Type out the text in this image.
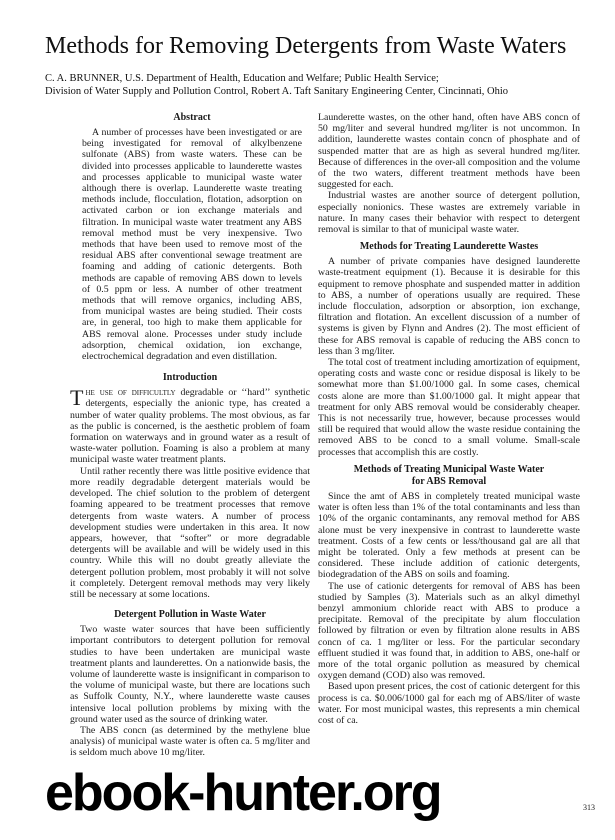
Methods for Removing Detergents from Waste Waters
C. A. BRUNNER, U.S. Department of Health, Education and Welfare; Public Health Service;
Division of Water Supply and Pollution Control, Robert A. Taft Sanitary Engineering Center, Cincinnati, Ohio
Abstract

A number of processes have been investigated or are being investigated for removal of alkylbenzene sulfonate (ABS) from waste waters. These can be divided into processes applicable to launderette wastes and processes applicable to municipal waste water although there is overlap. Launderette waste treating methods include, flocculation, flotation, adsorption on activated carbon or ion exchange materials and filtration. In municipal waste water treatment any ABS removal method must be very inexpensive. Two methods that have been used to remove most of the residual ABS after conventional sewage treatment are foaming and adding of cationic detergents. Both methods are capable of removing ABS down to levels of 0.5 ppm or less. A number of other treatment methods that will remove organics, including ABS, from municipal wastes are being studied. Their costs are, in general, too high to make them applicable for ABS removal alone. Processes under study include adsorption, chemical oxidation, ion exchange, electrochemical degradation and even distillation.

Introduction

The use of difficultly degradable or ‘‘hard’’ synthetic detergents, especially the anionic type, has created a number of water quality problems. The most obvious, as far as the public is concerned, is the aesthetic problem of foam formation on waterways and in ground water as a result of waste-water pollution. Foaming is also a problem at many municipal waste water treatment plants.

Until rather recently there was little positive evidence that more readily degradable detergent materials would be developed. The chief solution to the problem of detergent foaming appeared to be treatment processes that remove detergents from waste waters. A number of process development studies were undertaken in this area. It now appears, however, that “softer” or more degradable detergents will be available and will be widely used in this country. While this will no doubt greatly alleviate the detergent pollution problem, most probably it will not solve it completely. Detergent removal methods may very likely still be necessary at some locations.

Detergent Pollution in Waste Water

Two waste water sources that have been sufficiently important contributors to detergent pollution for removal studies to have been undertaken are municipal waste treatment plants and launderettes. On a nationwide basis, the volume of launderette waste is insignificant in comparison to the volume of municipal waste, but there are locations such as Suffolk County, N.Y., where launderette waste causes intensive local pollution problems by mixing with the ground water used as the source of drinking water.

The ABS concn (as determined by the methylene blue analysis) of municipal waste water is often ca. 5 mg/liter and is seldom much above 10 mg/liter.

Launderette wastes, on the other hand, often have ABS concn of 50 mg/liter and several hundred mg/liter is not uncommon. In addition, launderette wastes contain concn of phosphate and of suspended matter that are as high as several hundred mg/liter. Because of differences in the over-all composition and the volume of the two waters, different treatment methods have been suggested for each.

Industrial wastes are another source of detergent pollution, especially nonionics. These wastes are extremely variable in nature. In many cases their behavior with respect to detergent removal is similar to that of municipal waste water.

Methods for Treating Launderette Wastes

A number of private companies have designed launderette waste-treatment equipment (1). Because it is desirable for this equipment to remove phosphate and suspended matter in addition to ABS, a number of operations usually are required. These include flocculation, adsorption or absorption, ion exchange, filtration and flotation. An excellent discussion of a number of systems is given by Flynn and Andres (2). The most efficient of these for ABS removal is capable of reducing the ABS concn to less than 3 mg/liter.

The total cost of treatment including amortization of equipment, operating costs and waste conc or residue disposal is likely to be somewhat more than $1.00/1000 gal. In some cases, chemical costs alone are more than $1.00/1000 gal. It might appear that treatment for only ABS removal would be considerably cheaper. This is not necessarily true, however, because processes would still be required that would allow the waste residue containing the removed ABS to be concd to a small volume. Small-scale processes that accomplish this are costly.

Methods of Treating Municipal Waste Water
for ABS Removal

Since the amt of ABS in completely treated municipal waste water is often less than 1% of the total contaminants and less than 10% of the organic contaminants, any removal method for ABS alone must be very inexpensive in contrast to launderette waste treatment. Costs of a few cents or less/thousand gal are all that might be tolerated. Only a few methods at present can be considered. These include addition of cationic detergents, biodegradation of the ABS on soils and foaming.

The use of cationic detergents for removal of ABS has been studied by Samples (3). Materials such as an alkyl dimethyl benzyl ammonium chloride react with ABS to produce a precipitate. Removal of the precipitate by alum flocculation followed by filtration or even by filtration alone results in ABS concn of ca. 1 mg/liter or less. For the particular secondary effluent studied it was found that, in addition to ABS, one-half or more of the total organic pollution as measured by chemical oxygen demand (COD) also was removed.

Based upon present prices, the cost of cationic detergent for this process is ca. $0.006/1000 gal for each mg of ABS/liter of waste water. For most municipal wastes, this represents a min chemical cost of ca.

ebook-hunter.org	313
